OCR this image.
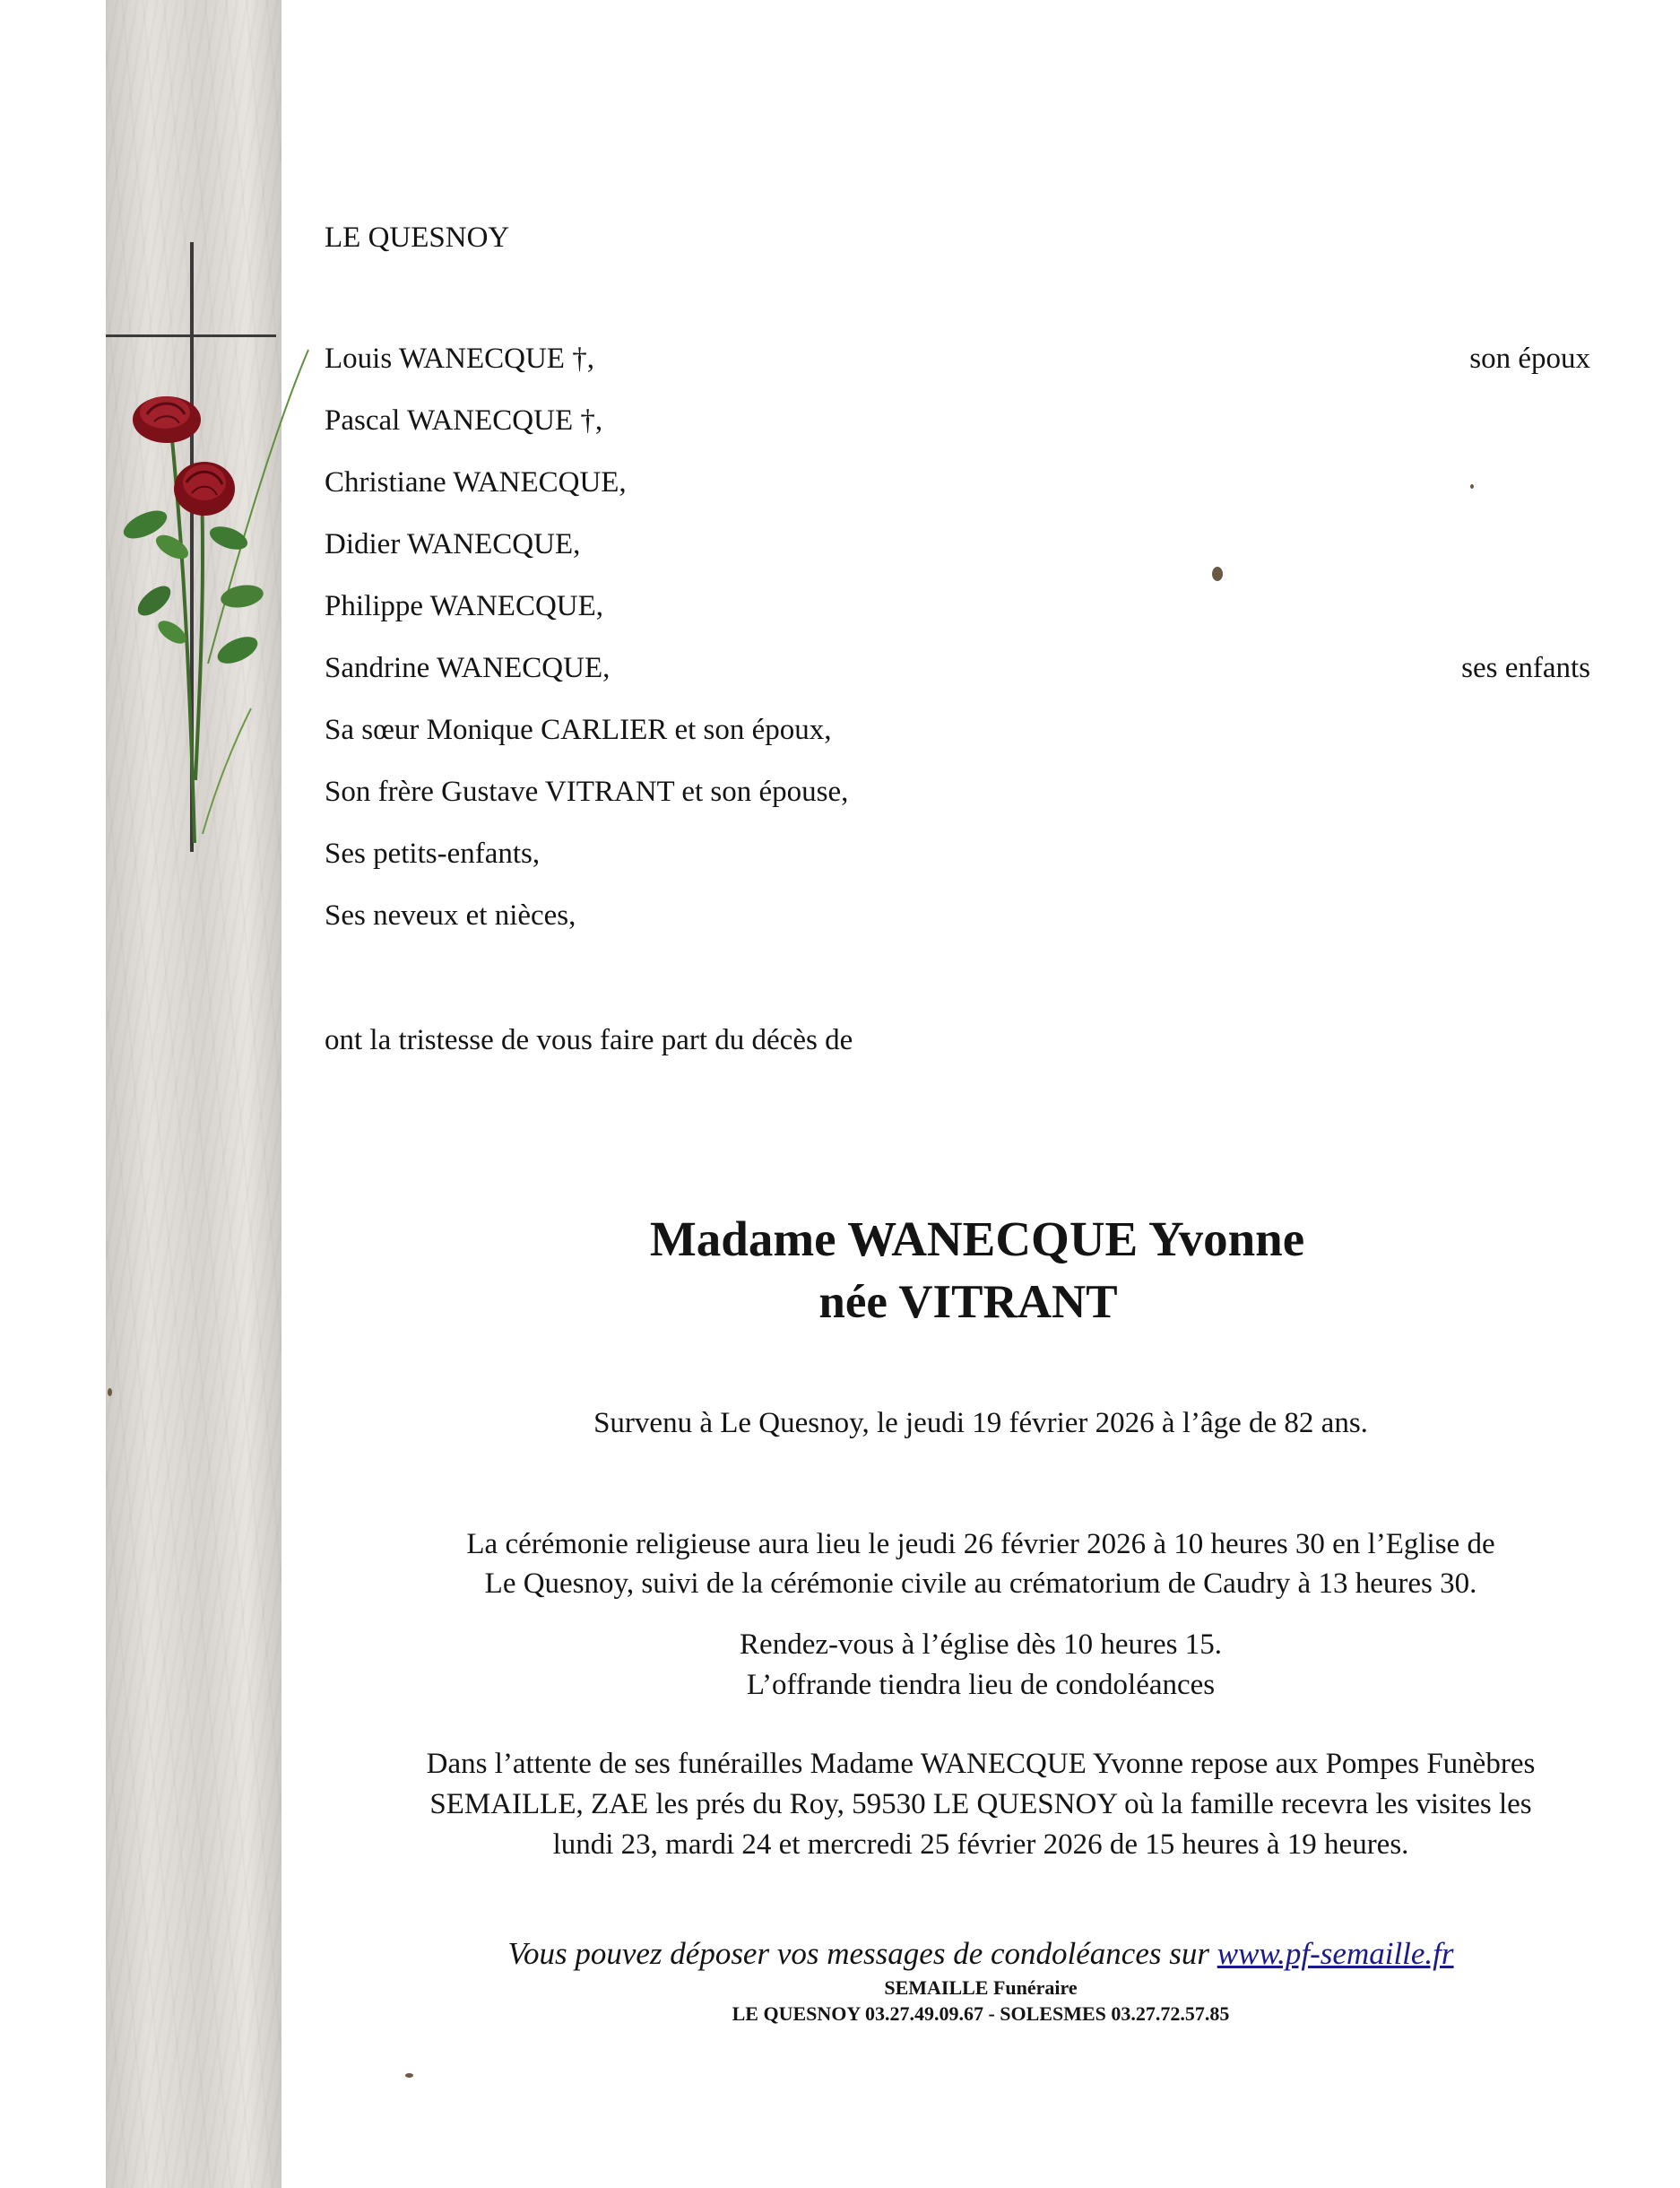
LE QUESNOY
Louis WANECQUE †,	son époux
Pascal WANECQUE †,
Christiane WANECQUE,
Didier WANECQUE,
Philippe WANECQUE,
Sandrine WANECQUE,	ses enfants
Sa sœur Monique CARLIER et son époux,
Son frère Gustave VITRANT et son épouse,
Ses petits-enfants,
Ses neveux et nièces,
ont la tristesse de vous faire part du décès de
Madame WANECQUE Yvonne
née VITRANT
Survenu à Le Quesnoy, le jeudi 19 février 2026 à l’âge de 82 ans.
La cérémonie religieuse aura lieu le jeudi 26 février 2026 à 10 heures 30 en l’Eglise de
Le Quesnoy, suivi de la cérémonie civile au crématorium de Caudry à 13 heures 30.
Rendez-vous à l’église dès 10 heures 15.
L’offrande tiendra lieu de condoléances
Dans l’attente de ses funérailles Madame WANECQUE Yvonne repose aux Pompes Funèbres
SEMAILLE, ZAE les prés du Roy, 59530 LE QUESNOY où la famille recevra les visites les
lundi 23, mardi 24 et mercredi 25 février 2026 de 15 heures à 19 heures.
Vous pouvez déposer vos messages de condoléances sur www.pf-semaille.fr
SEMAILLE Funéraire
LE QUESNOY 03.27.49.09.67 - SOLESMES 03.27.72.57.85
